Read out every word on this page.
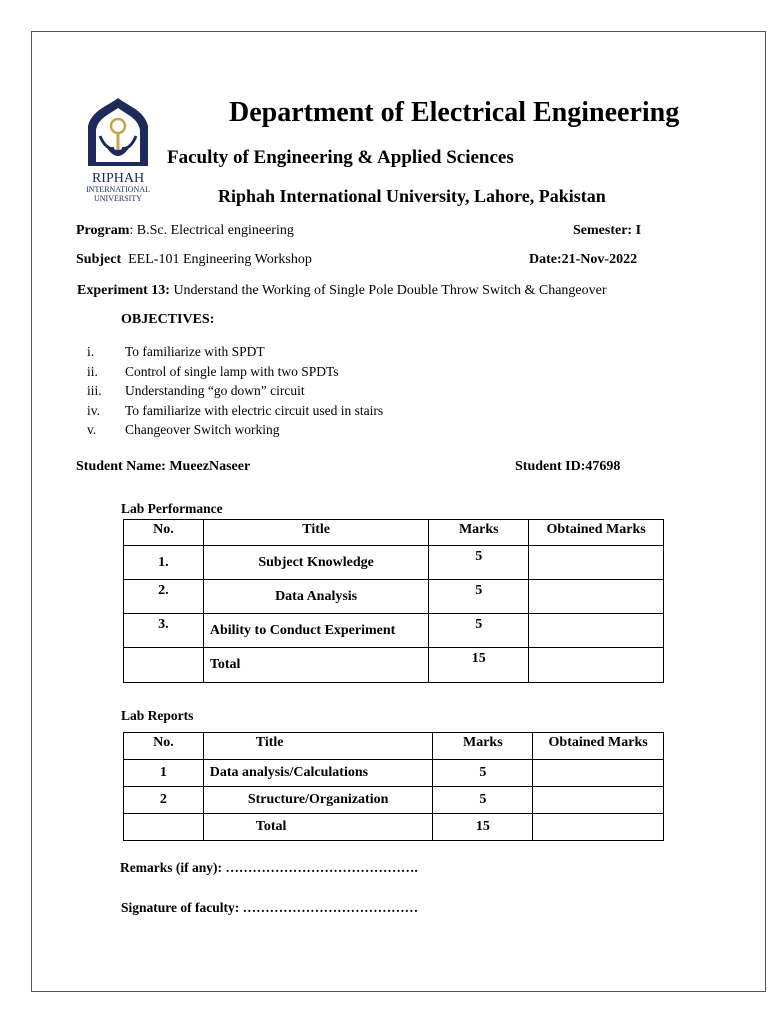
RIPHAH
INTERNATIONAL
UNIVERSITY
Department of Electrical Engineering
Faculty of Engineering & Applied Sciences
Riphah International University, Lahore, Pakistan
Program: B.Sc. Electrical engineering	Semester: I
Subject EEL-101 Engineering Workshop	Date:21-Nov-2022
Experiment 13: Understand the Working of Single Pole Double Throw Switch & Changeover
OBJECTIVES:
i. To familiarize with SPDT
ii. Control of single lamp with two SPDTs
iii. Understanding “go down” circuit
iv. To familiarize with electric circuit used in stairs
v. Changeover Switch working
Student Name: MueezNaseer	Student ID:47698
Lab Performance
No.	Title	Marks	Obtained Marks
1.	Subject Knowledge	5	
2.	Data Analysis	5	
3.	Ability to Conduct Experiment	5	
	Total	15	
Lab Reports
No.	Title	Marks	Obtained Marks
1	Data analysis/Calculations	5	
2	Structure/Organization	5	
	Total	15	
Remarks (if any): …………………………………….
Signature of faculty: …………………………………
